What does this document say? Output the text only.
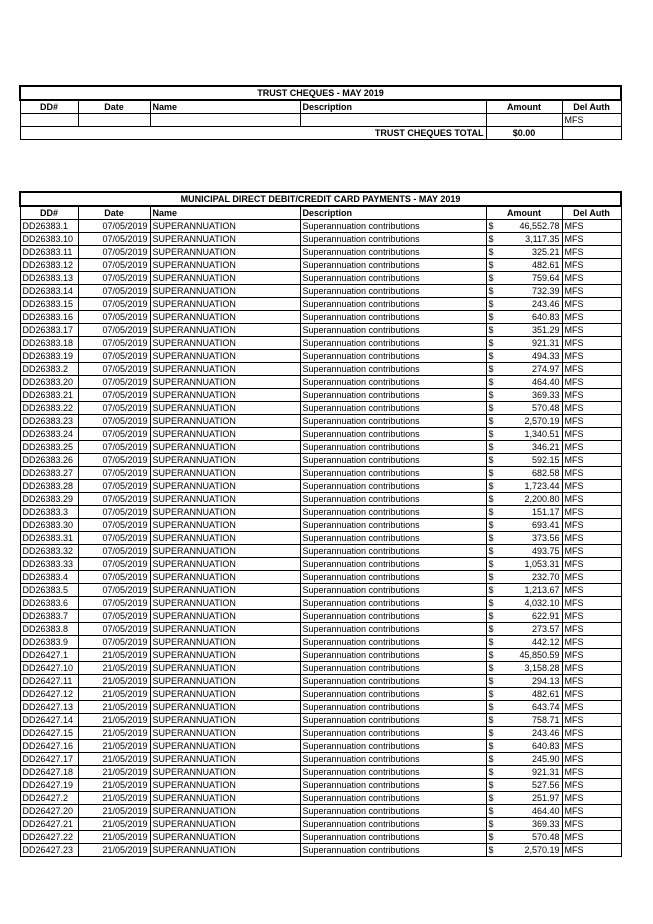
TRUST CHEQUES - MAY 2019					
DD#	Date	Name	Description	Amount	Del Auth
					MFS
TRUST CHEQUES TOTAL				$0.00	
MUNICIPAL DIRECT DEBIT/CREDIT CARD PAYMENTS - MAY 2019						
DD#	Date	Name	Description	Amount		Del Auth
DD26383.1	07/05/2019	SUPERANNUATION	Superannuation contributions	$	46,552.78	MFS
DD26383.10	07/05/2019	SUPERANNUATION	Superannuation contributions	$	3,117.35	MFS
DD26383.11	07/05/2019	SUPERANNUATION	Superannuation contributions	$	325.21	MFS
DD26383.12	07/05/2019	SUPERANNUATION	Superannuation contributions	$	482.61	MFS
DD26383.13	07/05/2019	SUPERANNUATION	Superannuation contributions	$	759.64	MFS
DD26383.14	07/05/2019	SUPERANNUATION	Superannuation contributions	$	732.39	MFS
DD26383.15	07/05/2019	SUPERANNUATION	Superannuation contributions	$	243.46	MFS
DD26383.16	07/05/2019	SUPERANNUATION	Superannuation contributions	$	640.83	MFS
DD26383.17	07/05/2019	SUPERANNUATION	Superannuation contributions	$	351.29	MFS
DD26383.18	07/05/2019	SUPERANNUATION	Superannuation contributions	$	921.31	MFS
DD26383.19	07/05/2019	SUPERANNUATION	Superannuation contributions	$	494.33	MFS
DD26383.2	07/05/2019	SUPERANNUATION	Superannuation contributions	$	274.97	MFS
DD26383.20	07/05/2019	SUPERANNUATION	Superannuation contributions	$	464.40	MFS
DD26383.21	07/05/2019	SUPERANNUATION	Superannuation contributions	$	369.33	MFS
DD26383.22	07/05/2019	SUPERANNUATION	Superannuation contributions	$	570.48	MFS
DD26383.23	07/05/2019	SUPERANNUATION	Superannuation contributions	$	2,570.19	MFS
DD26383.24	07/05/2019	SUPERANNUATION	Superannuation contributions	$	1,340.51	MFS
DD26383.25	07/05/2019	SUPERANNUATION	Superannuation contributions	$	346.21	MFS
DD26383.26	07/05/2019	SUPERANNUATION	Superannuation contributions	$	592.15	MFS
DD26383.27	07/05/2019	SUPERANNUATION	Superannuation contributions	$	682.58	MFS
DD26383.28	07/05/2019	SUPERANNUATION	Superannuation contributions	$	1,723.44	MFS
DD26383.29	07/05/2019	SUPERANNUATION	Superannuation contributions	$	2,200.80	MFS
DD26383.3	07/05/2019	SUPERANNUATION	Superannuation contributions	$	151.17	MFS
DD26383.30	07/05/2019	SUPERANNUATION	Superannuation contributions	$	693.41	MFS
DD26383.31	07/05/2019	SUPERANNUATION	Superannuation contributions	$	373.56	MFS
DD26383.32	07/05/2019	SUPERANNUATION	Superannuation contributions	$	493.75	MFS
DD26383.33	07/05/2019	SUPERANNUATION	Superannuation contributions	$	1,053.31	MFS
DD26383.4	07/05/2019	SUPERANNUATION	Superannuation contributions	$	232.70	MFS
DD26383.5	07/05/2019	SUPERANNUATION	Superannuation contributions	$	1,213.67	MFS
DD26383.6	07/05/2019	SUPERANNUATION	Superannuation contributions	$	4,032.10	MFS
DD26383.7	07/05/2019	SUPERANNUATION	Superannuation contributions	$	622.91	MFS
DD26383.8	07/05/2019	SUPERANNUATION	Superannuation contributions	$	273.57	MFS
DD26383.9	07/05/2019	SUPERANNUATION	Superannuation contributions	$	442.12	MFS
DD26427.1	21/05/2019	SUPERANNUATION	Superannuation contributions	$	45,850.59	MFS
DD26427.10	21/05/2019	SUPERANNUATION	Superannuation contributions	$	3,158.28	MFS
DD26427.11	21/05/2019	SUPERANNUATION	Superannuation contributions	$	294.13	MFS
DD26427.12	21/05/2019	SUPERANNUATION	Superannuation contributions	$	482.61	MFS
DD26427.13	21/05/2019	SUPERANNUATION	Superannuation contributions	$	643.74	MFS
DD26427.14	21/05/2019	SUPERANNUATION	Superannuation contributions	$	758.71	MFS
DD26427.15	21/05/2019	SUPERANNUATION	Superannuation contributions	$	243.46	MFS
DD26427.16	21/05/2019	SUPERANNUATION	Superannuation contributions	$	640.83	MFS
DD26427.17	21/05/2019	SUPERANNUATION	Superannuation contributions	$	245.90	MFS
DD26427.18	21/05/2019	SUPERANNUATION	Superannuation contributions	$	921.31	MFS
DD26427.19	21/05/2019	SUPERANNUATION	Superannuation contributions	$	527.56	MFS
DD26427.2	21/05/2019	SUPERANNUATION	Superannuation contributions	$	251.97	MFS
DD26427.20	21/05/2019	SUPERANNUATION	Superannuation contributions	$	464.40	MFS
DD26427.21	21/05/2019	SUPERANNUATION	Superannuation contributions	$	369.33	MFS
DD26427.22	21/05/2019	SUPERANNUATION	Superannuation contributions	$	570.48	MFS
DD26427.23	21/05/2019	SUPERANNUATION	Superannuation contributions	$	2,570.19	MFS
